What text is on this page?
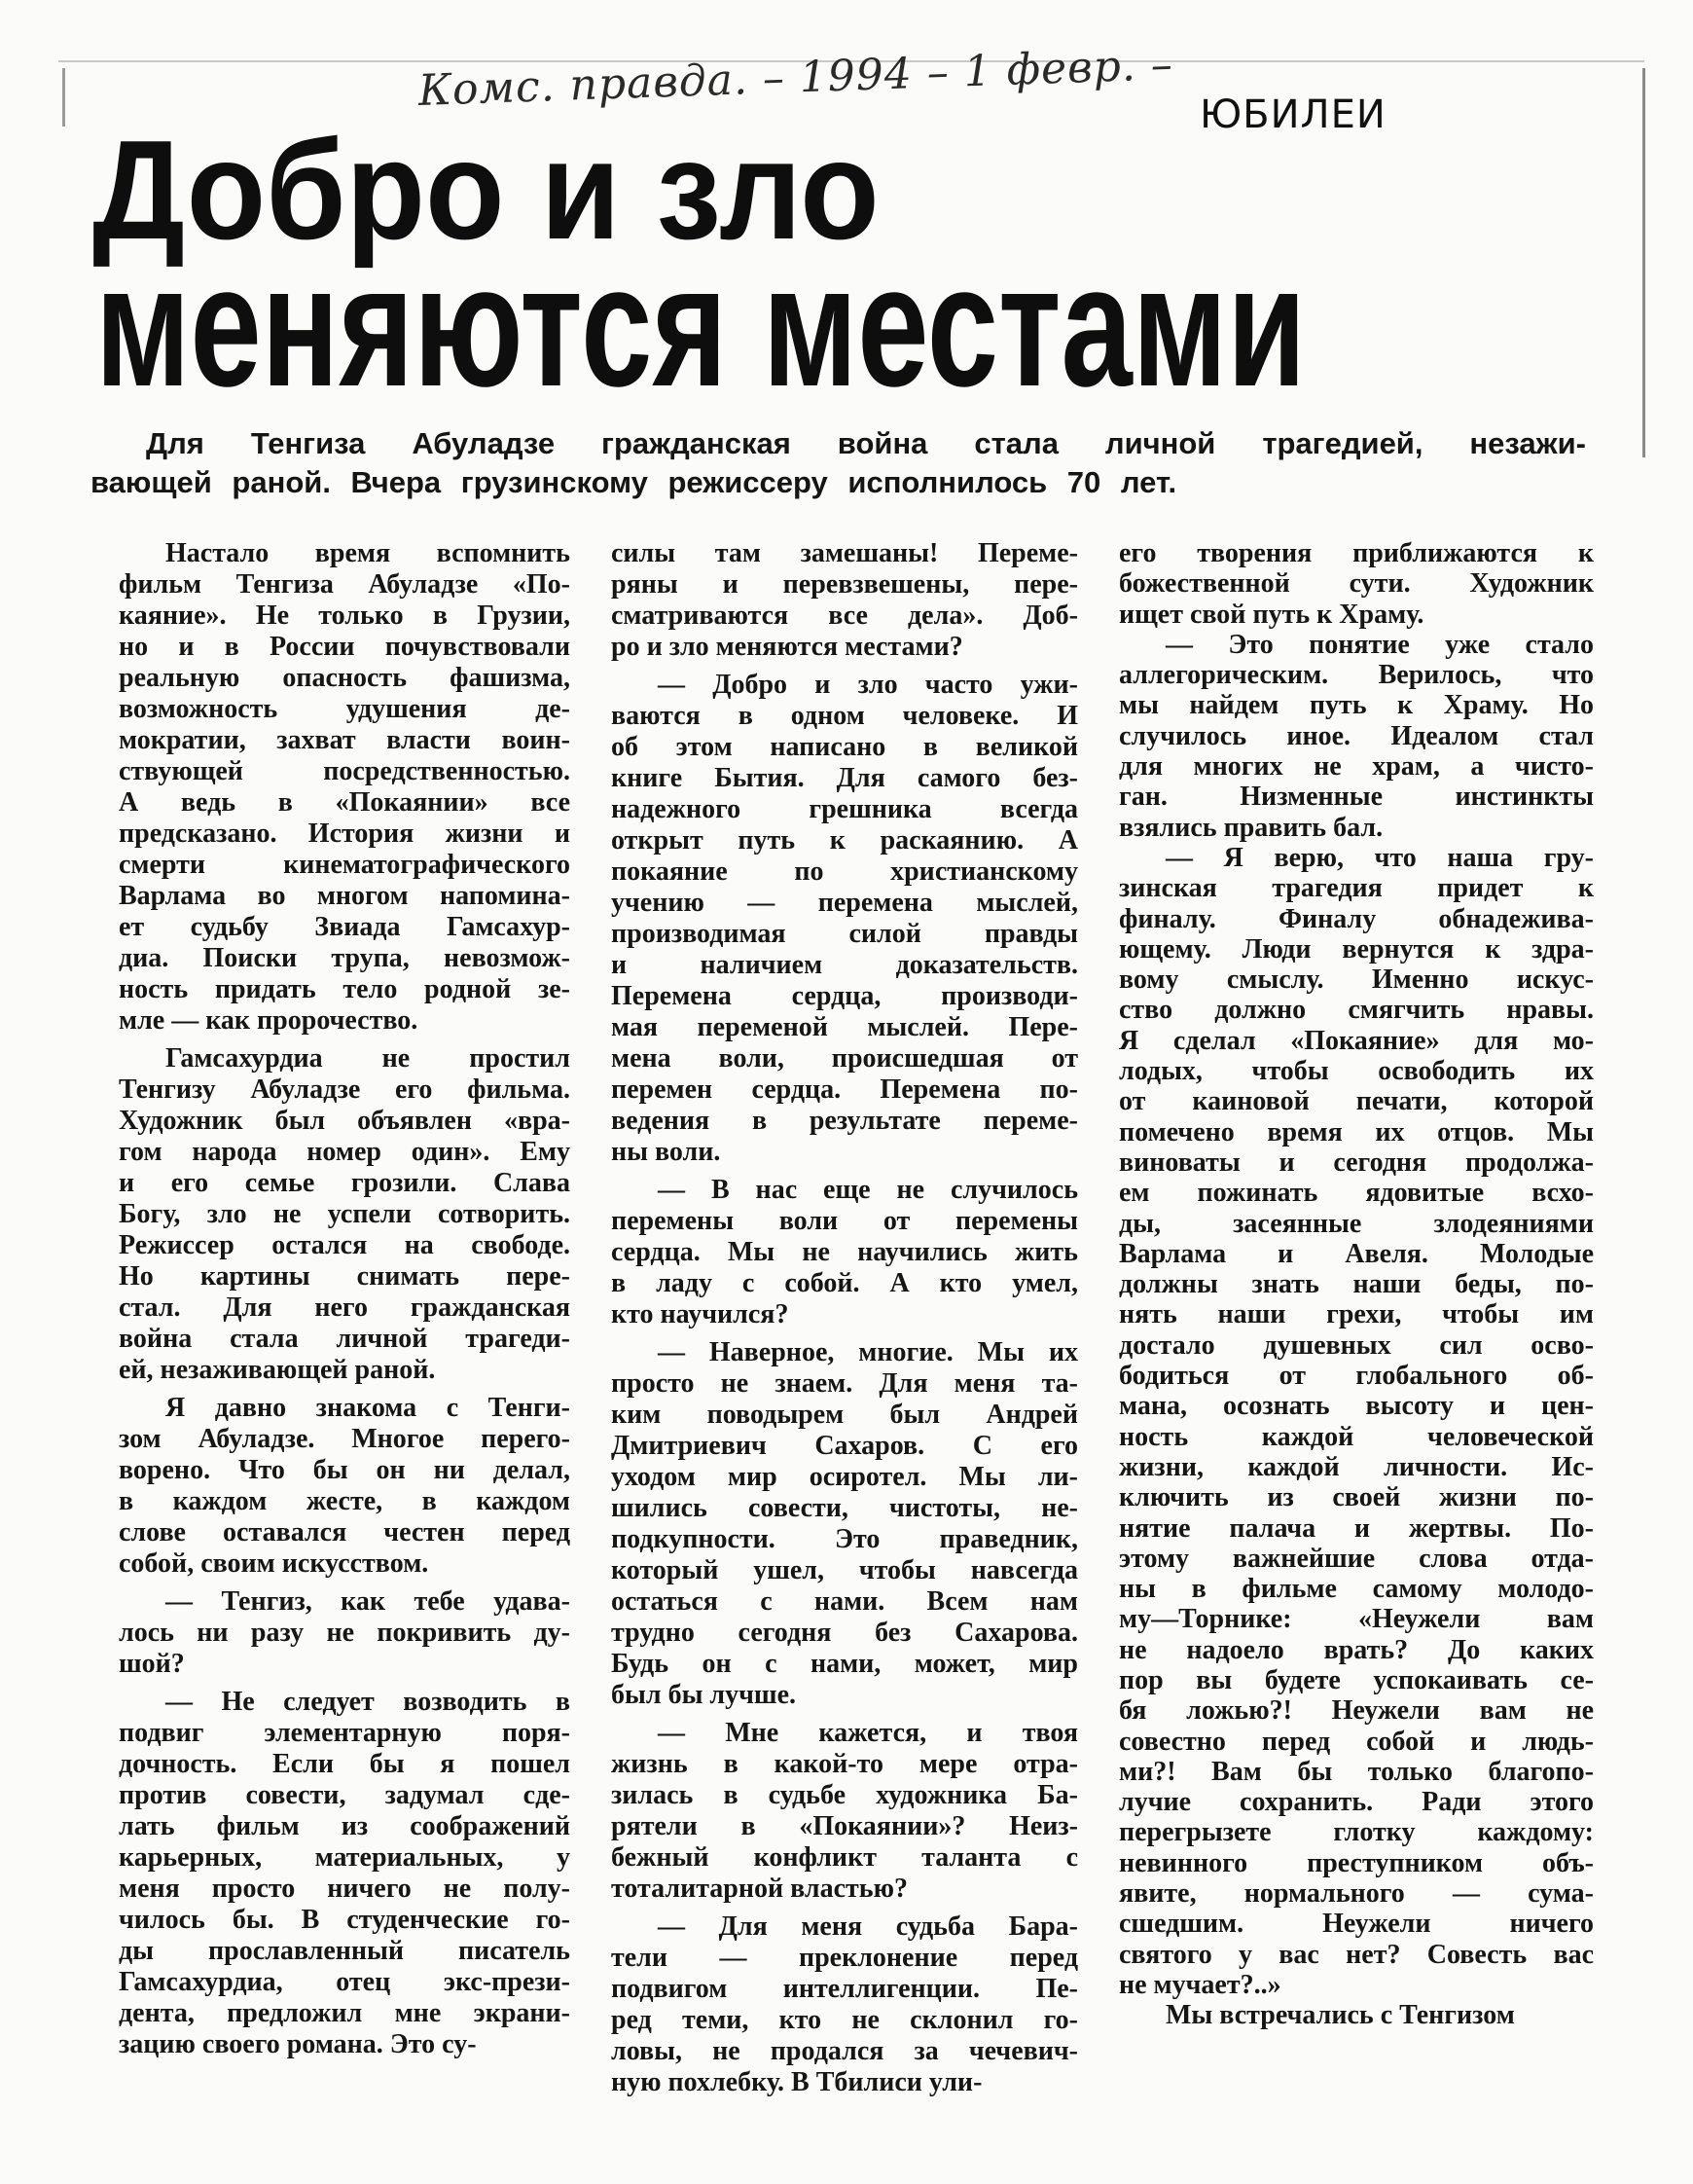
Комс. правда. – 1994 – 1 февр. – ЮБИЛЕИ
Добро и зло
меняются местами
Для Тенгиза Абуладзе гражданская война стала личной трагедией, незажи-
вающей раной. Вчера грузинскому режиссеру исполнилось 70 лет.
Настало время вспомнить
фильм Тенгиза Абуладзе «По-
каяние». Не только в Грузии,
но и в России почувствовали
реальную опасность фашизма,
возможность удушения де-
мократии, захват власти воин-
ствующей посредственностью.
А ведь в «Покаянии» все
предсказано. История жизни и
смерти кинематографического
Варлама во многом напомина-
ет судьбу Звиада Гамсахур-
диа. Поиски трупа, невозмож-
ность придать тело родной зе-
мле — как пророчество.
Гамсахурдиа не простил
Тенгизу Абуладзе его фильма.
Художник был объявлен «вра-
гом народа номер один». Ему
и его семье грозили. Слава
Богу, зло не успели сотворить.
Режиссер остался на свободе.
Но картины снимать пере-
стал. Для него гражданская
война стала личной трагеди-
ей, незаживающей раной.
Я давно знакома с Тенги-
зом Абуладзе. Многое перего-
ворено. Что бы он ни делал,
в каждом жесте, в каждом
слове оставался честен перед
собой, своим искусством.
— Тенгиз, как тебе удава-
лось ни разу не покривить ду-
шой?
— Не следует возводить в
подвиг элементарную поря-
дочность. Если бы я пошел
против совести, задумал сде-
лать фильм из соображений
карьерных, материальных, у
меня просто ничего не полу-
чилось бы. В студенческие го-
ды прославленный писатель
Гамсахурдиа, отец экс-прези-
дента, предложил мне экрани-
зацию своего романа. Это су-
силы там замешаны! Переме-
ряны и перевзвешены, пере-
сматриваются все дела». Доб-
ро и зло меняются местами?
— Добро и зло часто ужи-
ваются в одном человеке. И
об этом написано в великой
книге Бытия. Для самого без-
надежного грешника всегда
открыт путь к раскаянию. А
покаяние по христианскому
учению — перемена мыслей,
производимая силой правды
и наличием доказательств.
Перемена сердца, производи-
мая переменой мыслей. Пере-
мена воли, происшедшая от
перемен сердца. Перемена по-
ведения в результате переме-
ны воли.
— В нас еще не случилось
перемены воли от перемены
сердца. Мы не научились жить
в ладу с собой. А кто умел,
кто научился?
— Наверное, многие. Мы их
просто не знаем. Для меня та-
ким поводырем был Андрей
Дмитриевич Сахаров. С его
уходом мир осиротел. Мы ли-
шились совести, чистоты, не-
подкупности. Это праведник,
который ушел, чтобы навсегда
остаться с нами. Всем нам
трудно сегодня без Сахарова.
Будь он с нами, может, мир
был бы лучше.
— Мне кажется, и твоя
жизнь в какой-то мере отра-
зилась в судьбе художника Ба-
рятели в «Покаянии»? Неиз-
бежный конфликт таланта с
тоталитарной властью?
— Для меня судьба Бара-
тели — преклонение перед
подвигом интеллигенции. Пе-
ред теми, кто не склонил го-
ловы, не продался за чечевич-
ную похлебку. В Тбилиси ули-
его творения приближаются к
божественной сути. Художник
ищет свой путь к Храму.
— Это понятие уже стало
аллегорическим. Верилось, что
мы найдем путь к Храму. Но
случилось иное. Идеалом стал
для многих не храм, а чисто-
ган. Низменные инстинкты
взялись править бал.
— Я верю, что наша гру-
зинская трагедия придет к
финалу. Финалу обнадежива-
ющему. Люди вернутся к здра-
вому смыслу. Именно искус-
ство должно смягчить нравы.
Я сделал «Покаяние» для мо-
лодых, чтобы освободить их
от каиновой печати, которой
помечено время их отцов. Мы
виноваты и сегодня продолжа-
ем пожинать ядовитые всхо-
ды, засеянные злодеяниями
Варлама и Авеля. Молодые
должны знать наши беды, по-
нять наши грехи, чтобы им
достало душевных сил осво-
бодиться от глобального об-
мана, осознать высоту и цен-
ность каждой человеческой
жизни, каждой личности. Ис-
ключить из своей жизни по-
нятие палача и жертвы. По-
этому важнейшие слова отда-
ны в фильме самому молодо-
му—Торнике: «Неужели вам
не надоело врать? До каких
пор вы будете успокаивать се-
бя ложью?! Неужели вам не
совестно перед собой и людь-
ми?! Вам бы только благопо-
лучие сохранить. Ради этого
перегрызете глотку каждому:
невинного преступником объ-
явите, нормального — сума-
сшедшим. Неужели ничего
святого у вас нет? Совесть вас
не мучает?..»
Мы встречались с Тенгизом
